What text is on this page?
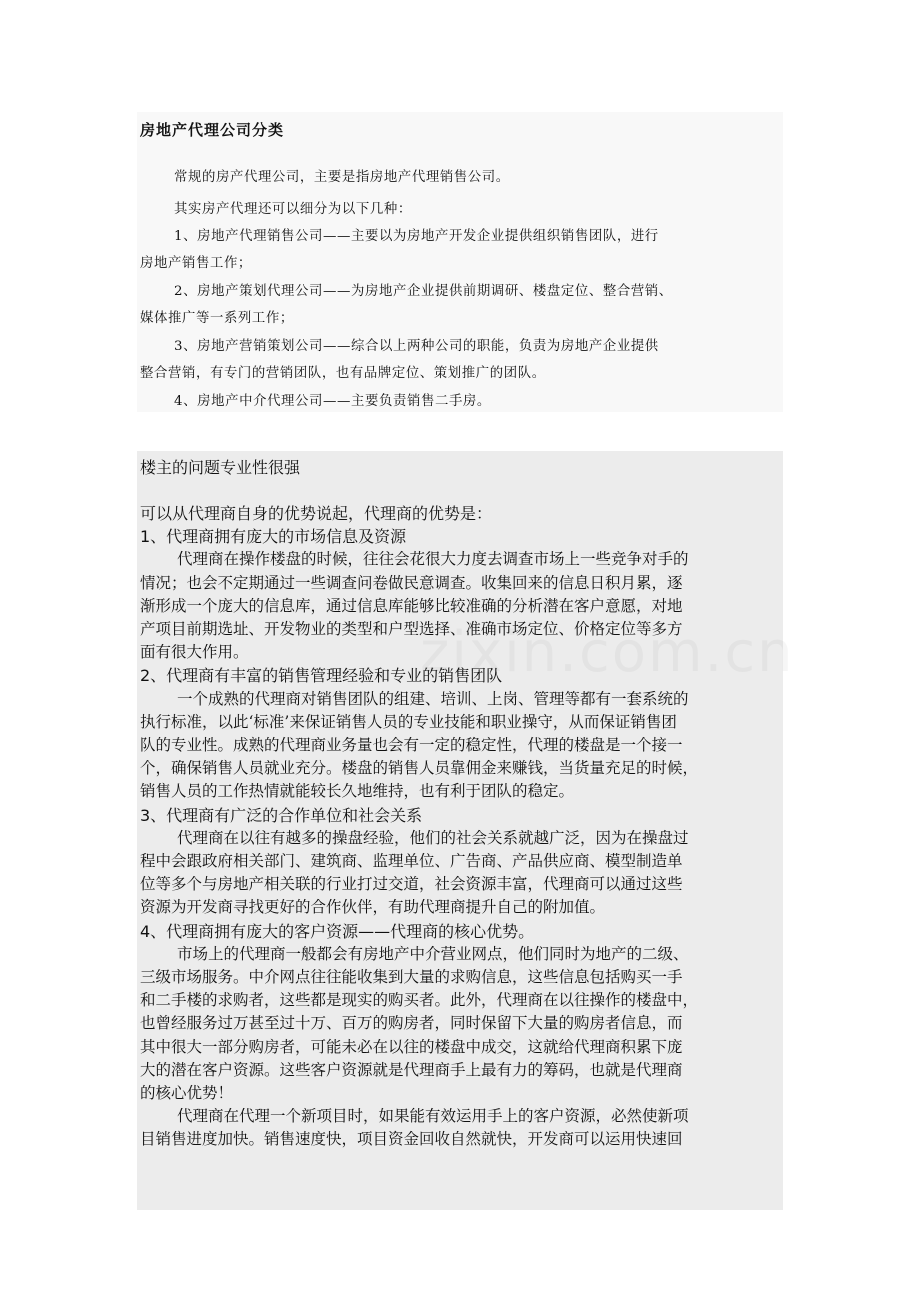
房地产代理公司分类

常规的房产代理公司，主要是指房地产代理销售公司。

其实房产代理还可以细分为以下几种：

1、房地产代理销售公司——主要以为房地产开发企业提供组织销售团队，进行
房地产销售工作；

2、房地产策划代理公司——为房地产企业提供前期调研、楼盘定位、整合营销、
媒体推广等一系列工作；

3、房地产营销策划公司——综合以上两种公司的职能，负责为房地产企业提供
整合营销，有专门的营销团队，也有品牌定位、策划推广的团队。

4、房地产中介代理公司——主要负责销售二手房。

楼主的问题专业性很强
可以从代理商自身的优势说起，代理商的优势是：
1、代理商拥有庞大的市场信息及资源
代理商在操作楼盘的时候，往往会花很大力度去调查市场上一些竞争对手的
情况；也会不定期通过一些调查问卷做民意调查。收集回来的信息日积月累，逐
渐形成一个庞大的信息库，通过信息库能够比较准确的分析潜在客户意愿，对地
产项目前期选址、开发物业的类型和户型选择、准确市场定位、价格定位等多方
面有很大作用。
2、代理商有丰富的销售管理经验和专业的销售团队
一个成熟的代理商对销售团队的组建、培训、上岗、管理等都有一套系统的
执行标准，以此‘标准’来保证销售人员的专业技能和职业操守，从而保证销售团
队的专业性。成熟的代理商业务量也会有一定的稳定性，代理的楼盘是一个接一
个，确保销售人员就业充分。楼盘的销售人员靠佣金来赚钱，当货量充足的时候，
销售人员的工作热情就能较长久地维持，也有利于团队的稳定。
3、代理商有广泛的合作单位和社会关系
代理商在以往有越多的操盘经验，他们的社会关系就越广泛，因为在操盘过
程中会跟政府相关部门、建筑商、监理单位、广告商、产品供应商、模型制造单
位等多个与房地产相关联的行业打过交道，社会资源丰富，代理商可以通过这些
资源为开发商寻找更好的合作伙伴，有助代理商提升自己的附加值。
4、代理商拥有庞大的客户资源——代理商的核心优势。
市场上的代理商一般都会有房地产中介营业网点，他们同时为地产的二级、
三级市场服务。中介网点往往能收集到大量的求购信息，这些信息包括购买一手
和二手楼的求购者，这些都是现实的购买者。此外，代理商在以往操作的楼盘中，
也曾经服务过万甚至过十万、百万的购房者，同时保留下大量的购房者信息，而
其中很大一部分购房者，可能未必在以往的楼盘中成交，这就给代理商积累下庞
大的潜在客户资源。这些客户资源就是代理商手上最有力的筹码，也就是代理商
的核心优势！
代理商在代理一个新项目时，如果能有效运用手上的客户资源，必然使新项
目销售进度加快。销售速度快，项目资金回收自然就快，开发商可以运用快速回
